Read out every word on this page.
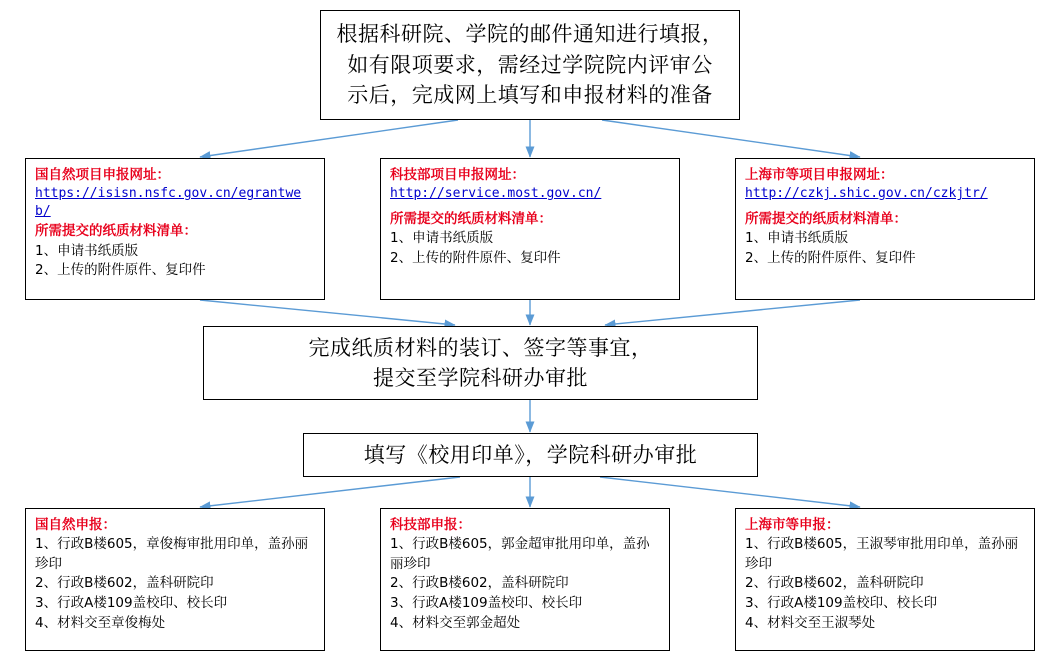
根据科研院、学院的邮件通知进行填报，
如有限项要求，需经过学院院内评审公
示后，完成网上填写和申报材料的准备
国自然项目申报网址：
https://isisn.nsfc.gov.cn/egrantweb/
所需提交的纸质材料清单：
1、申请书纸质版
2、上传的附件原件、复印件
科技部项目申报网址：
http://service.most.gov.cn/
所需提交的纸质材料清单：
1、申请书纸质版
2、上传的附件原件、复印件
上海市等项目申报网址：
http://czkj.shic.gov.cn/czkjtr/
所需提交的纸质材料清单：
1、申请书纸质版
2、上传的附件原件、复印件
完成纸质材料的装订、签字等事宜，
提交至学院科研办审批
填写《校用印单》，学院科研办审批
国自然申报：
1、行政B楼605，章俊梅审批用印单，盖孙丽珍印
2、行政B楼602，盖科研院印
3、行政A楼109盖校印、校长印
4、材料交至章俊梅处
科技部申报：
1、行政B楼605，郭金超审批用印单，盖孙丽珍印
2、行政B楼602，盖科研院印
3、行政A楼109盖校印、校长印
4、材料交至郭金超处
上海市等申报：
1、行政B楼605，王淑琴审批用印单，盖孙丽珍印
2、行政B楼602，盖科研院印
3、行政A楼109盖校印、校长印
4、材料交至王淑琴处
